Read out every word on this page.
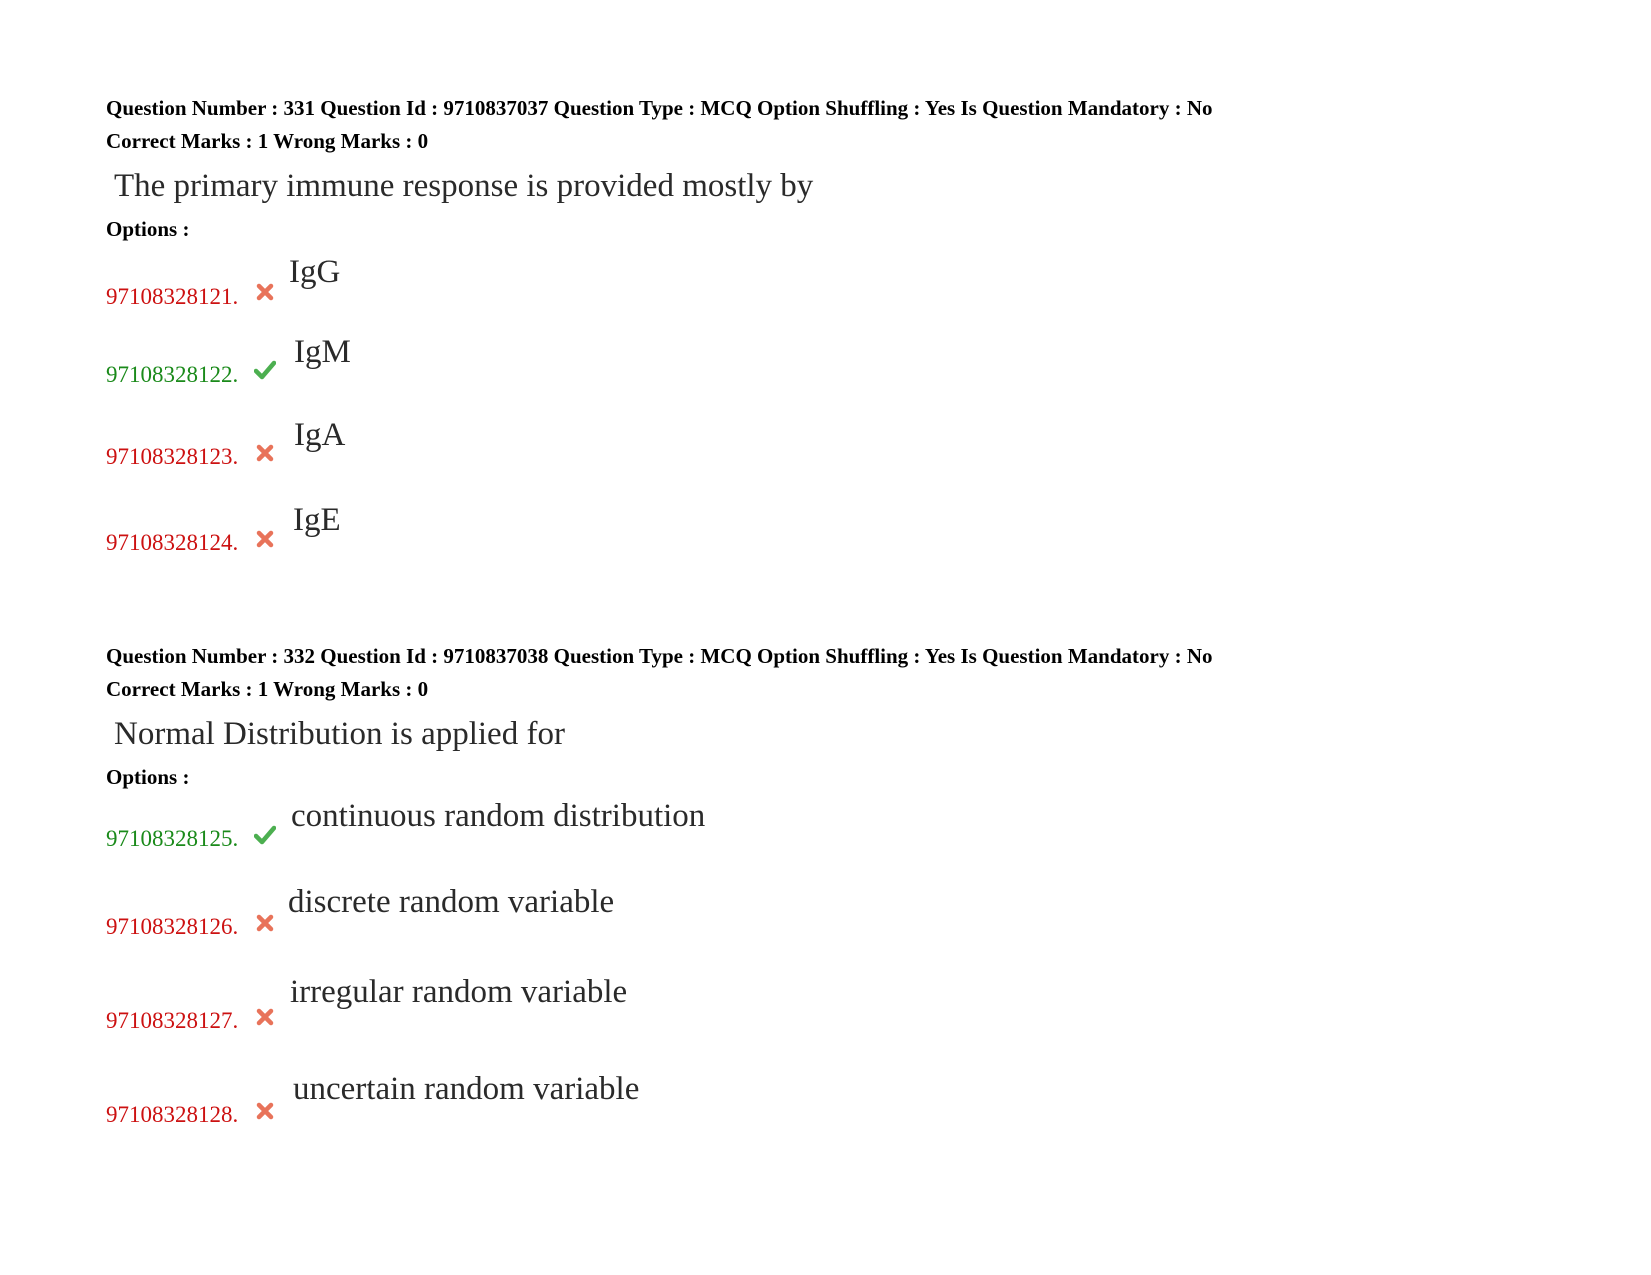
Question Number : 331 Question Id : 9710837037 Question Type : MCQ Option Shuffling : Yes Is Question Mandatory : No
Correct Marks : 1 Wrong Marks : 0
The primary immune response is provided mostly by
Options :
97108328121.
IgG
97108328122.
IgM
97108328123.
IgA
97108328124.
IgE
Question Number : 332 Question Id : 9710837038 Question Type : MCQ Option Shuffling : Yes Is Question Mandatory : No
Correct Marks : 1 Wrong Marks : 0
Normal Distribution is applied for
Options :
97108328125.
continuous random distribution
97108328126.
discrete random variable
97108328127.
irregular random variable
97108328128.
uncertain random variable
